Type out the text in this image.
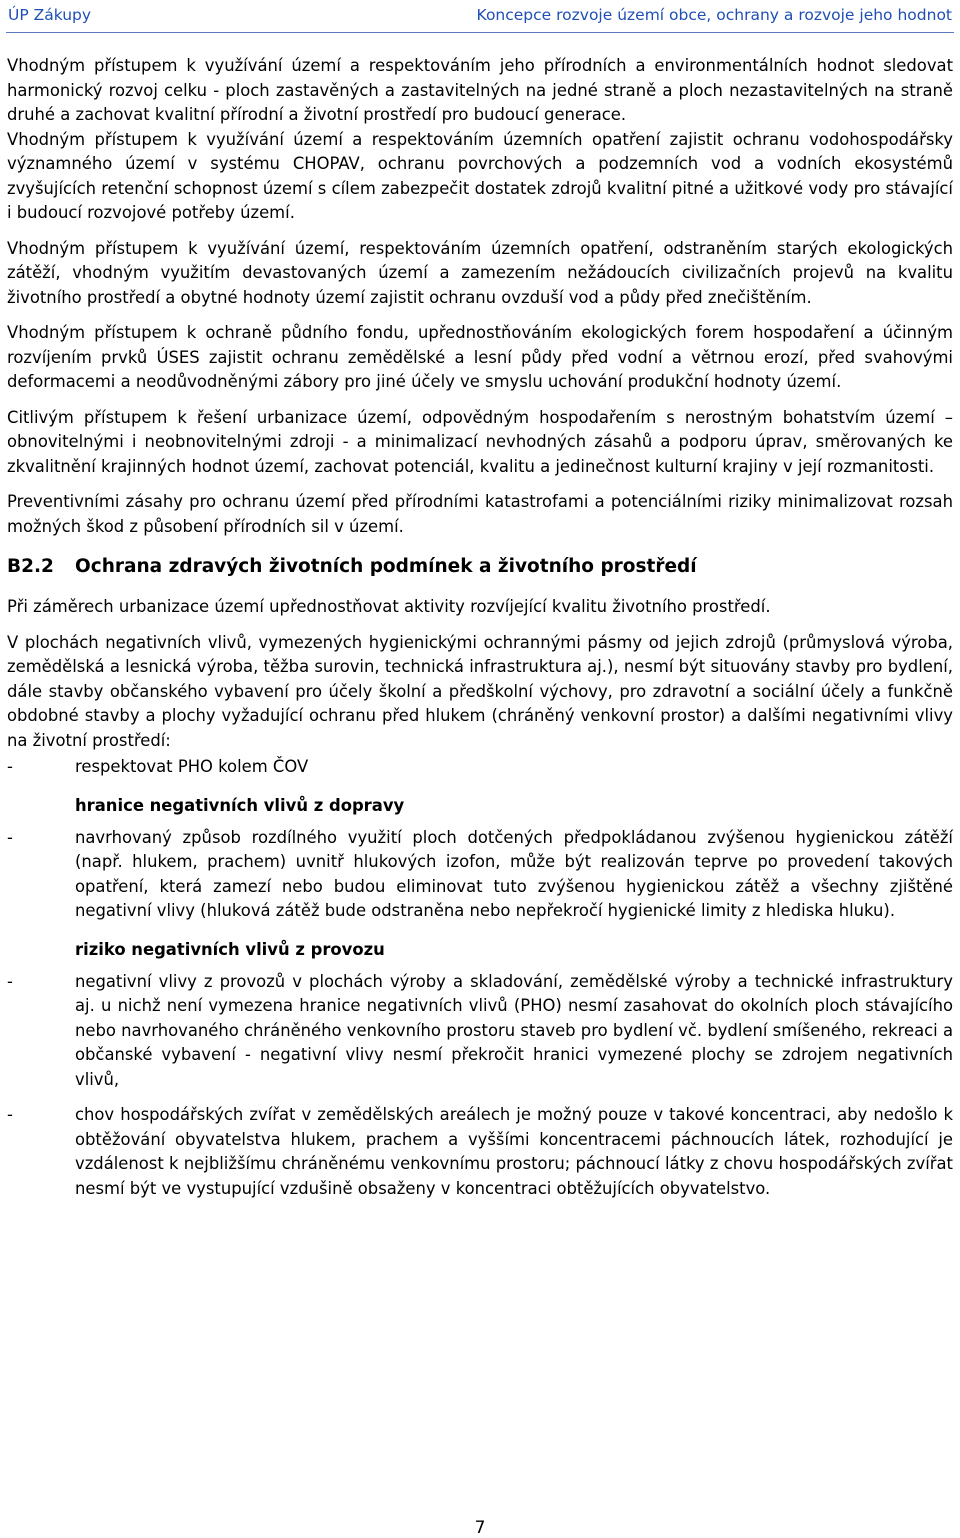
ÚP Zákupy	Koncepce rozvoje území obce, ochrany a rozvoje jeho hodnot

Vhodným přístupem k využívání území a respektováním jeho přírodních a environmentálních hodnot sledovat harmonický rozvoj celku - ploch zastavěných a zastavitelných na jedné straně a ploch nezastavitelných na straně druhé a zachovat kvalitní přírodní a životní prostředí pro budoucí generace.

Vhodným přístupem k využívání území a respektováním územních opatření zajistit ochranu vodohospodářsky významného území v systému CHOPAV, ochranu povrchových a podzemních vod a vodních ekosystémů zvyšujících retenční schopnost území s cílem zabezpečit dostatek zdrojů kvalitní pitné a užitkové vody pro stávající i budoucí rozvojové potřeby území.

Vhodným přístupem k využívání území, respektováním územních opatření, odstraněním starých ekologických zátěží, vhodným využitím devastovaných území a zamezením nežádoucích civilizačních projevů na kvalitu životního prostředí a obytné hodnoty území zajistit ochranu ovzduší vod a půdy před znečištěním.

Vhodným přístupem k ochraně půdního fondu, upřednostňováním ekologických forem hospodaření a účinným rozvíjením prvků ÚSES zajistit ochranu zemědělské a lesní půdy před vodní a větrnou erozí, před svahovými deformacemi a neodůvodněnými zábory pro jiné účely ve smyslu uchování produkční hodnoty území.

Citlivým přístupem k řešení urbanizace území, odpovědným hospodařením s nerostným bohatstvím území – obnovitelnými i neobnovitelnými zdroji - a minimalizací nevhodných zásahů a podporu úprav, směrovaných ke zkvalitnění krajinných hodnot území, zachovat potenciál, kvalitu a jedinečnost kulturní krajiny v její rozmanitosti.

Preventivními zásahy pro ochranu území před přírodními katastrofami a potenciálními riziky minimalizovat rozsah možných škod z působení přírodních sil v území.

B2.2	Ochrana zdravých životních podmínek a životního prostředí

Při záměrech urbanizace území upřednostňovat aktivity rozvíjející kvalitu životního prostředí.

V plochách negativních vlivů, vymezených hygienickými ochrannými pásmy od jejich zdrojů (průmyslová výroba, zemědělská a lesnická výroba, těžba surovin, technická infrastruktura aj.), nesmí být situovány stavby pro bydlení, dále stavby občanského vybavení pro účely školní a předškolní výchovy, pro zdravotní a sociální účely a funkčně obdobné stavby a plochy vyžadující ochranu před hlukem (chráněný venkovní prostor) a dalšími negativními vlivy na životní prostředí:

-	respektovat PHO kolem ČOV
hranice negativních vlivů z dopravy
-	navrhovaný způsob rozdílného využití ploch dotčených předpokládanou zvýšenou hygienickou zátěží (např. hlukem, prachem) uvnitř hlukových izofon, může být realizován teprve po provedení takových opatření, která zamezí nebo budou eliminovat tuto zvýšenou hygienickou zátěž a všechny zjištěné negativní vlivy (hluková zátěž bude odstraněna nebo nepřekročí hygienické limity z hlediska hluku).
riziko negativních vlivů z provozu
-	negativní vlivy z provozů v plochách výroby a skladování, zemědělské výroby a technické infrastruktury aj. u nichž není vymezena hranice negativních vlivů (PHO) nesmí zasahovat do okolních ploch stávajícího nebo navrhovaného chráněného venkovního prostoru staveb pro bydlení vč. bydlení smíšeného, rekreaci a občanské vybavení - negativní vlivy nesmí překročit hranici vymezené plochy se zdrojem negativních vlivů,
-	chov hospodářských zvířat v zemědělských areálech je možný pouze v takové koncentraci, aby nedošlo k obtěžování obyvatelstva hlukem, prachem a vyššími koncentracemi páchnoucích látek, rozhodující je vzdálenost k nejbližšímu chráněnému venkovnímu prostoru; páchnoucí látky z chovu hospodářských zvířat nesmí být ve vystupující vzdušině obsaženy v koncentraci obtěžujících obyvatelstvo.
7
